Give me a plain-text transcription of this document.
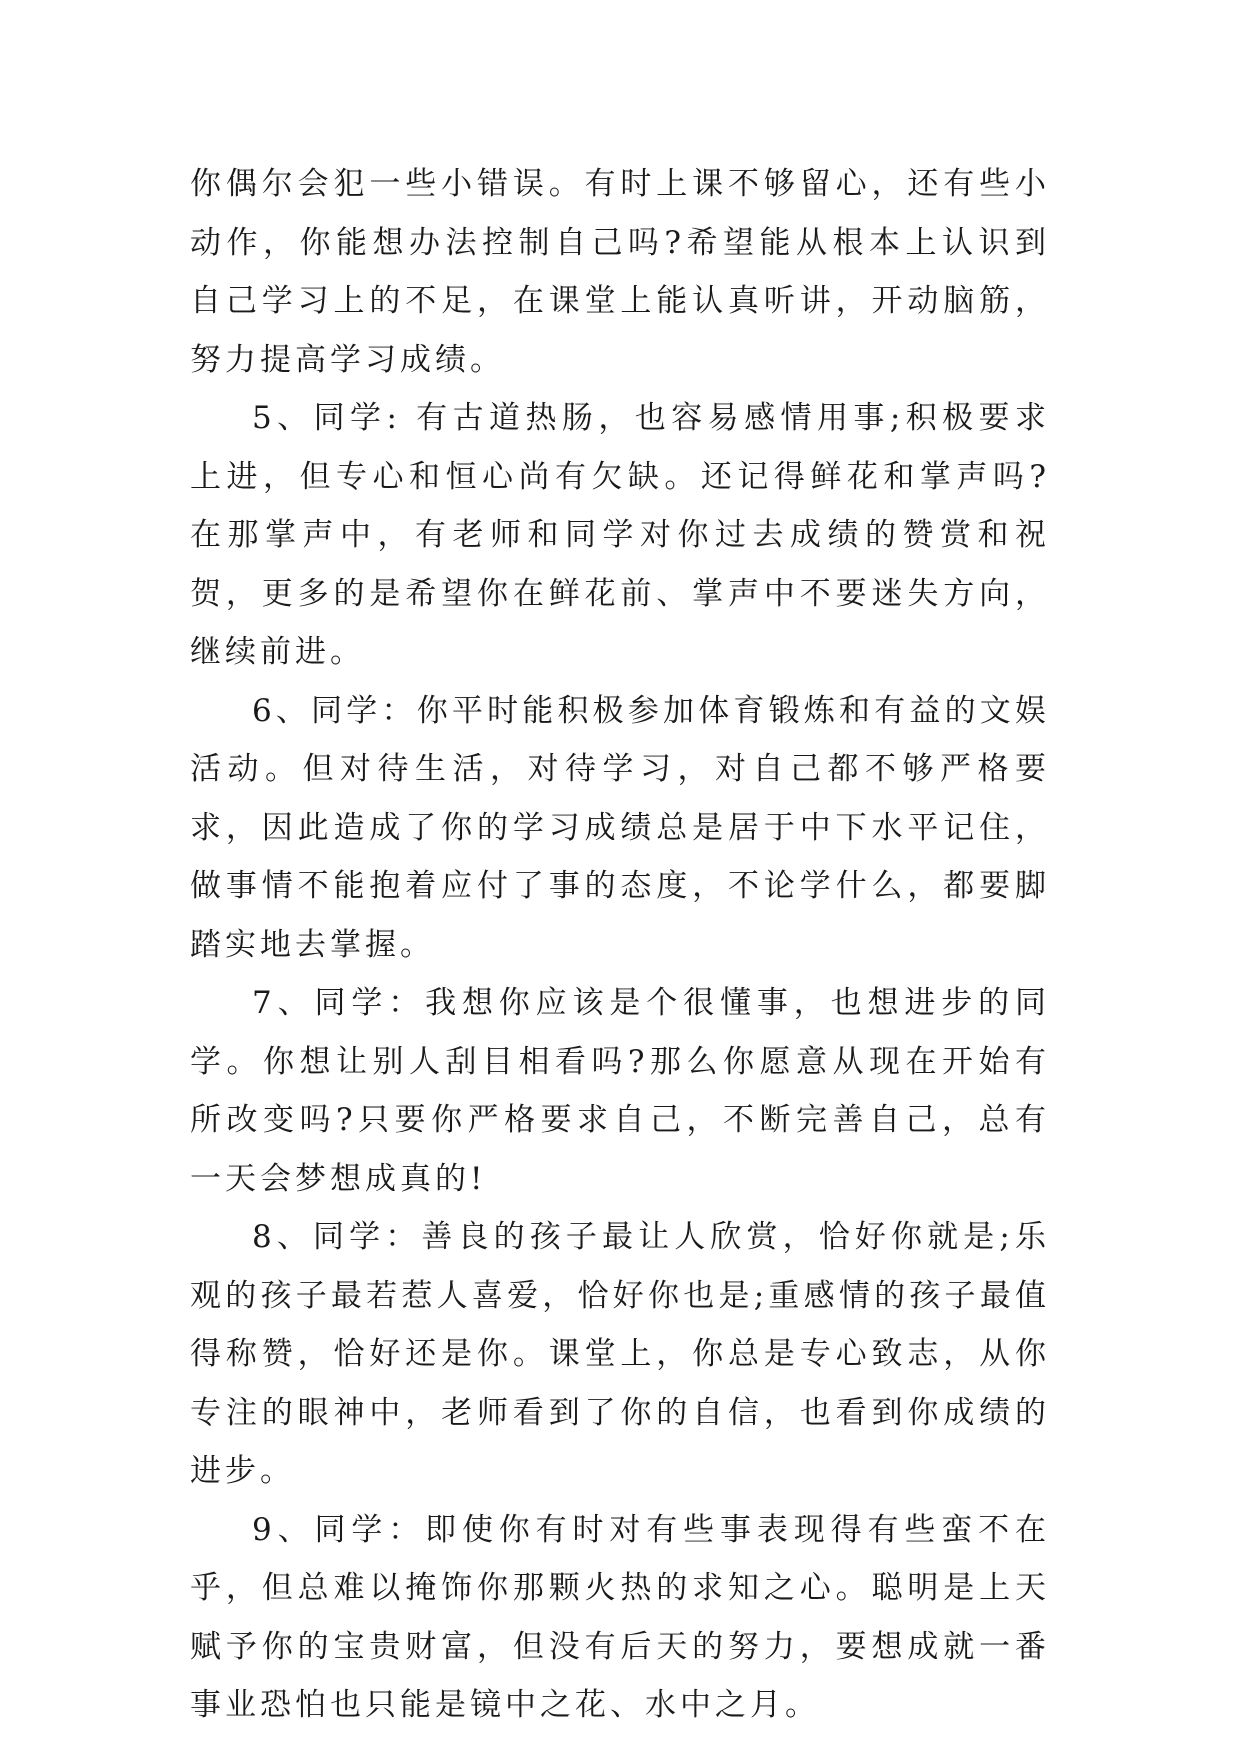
你偶尔会犯一些小错误。有时上课不够留心，还有些小动作，你能想办法控制自己吗?希望能从根本上认识到自己学习上的不足，在课堂上能认真听讲，开动脑筋，努力提高学习成绩。

5、同学: 有古道热肠，也容易感情用事;积极要求上进，但专心和恒心尚有欠缺。还记得鲜花和掌声吗?在那掌声中，有老师和同学对你过去成绩的赞赏和祝贺，更多的是希望你在鲜花前、掌声中不要迷失方向，继续前进。

6、同学：你平时能积极参加体育锻炼和有益的文娱活动。但对待生活，对待学习，对自己都不够严格要求，因此造成了你的学习成绩总是居于中下水平记住，做事情不能抱着应付了事的态度，不论学什么，都要脚踏实地去掌握。

7、同学：我想你应该是个很懂事，也想进步的同学。你想让别人刮目相看吗?那么你愿意从现在开始有所改变吗?只要你严格要求自己，不断完善自己，总有一天会梦想成真的!

8、同学：善良的孩子最让人欣赏，恰好你就是;乐观的孩子最若惹人喜爱，恰好你也是;重感情的孩子最值得称赞，恰好还是你。课堂上，你总是专心致志，从你专注的眼神中，老师看到了你的自信，也看到你成绩的进步。

9、同学：即使你有时对有些事表现得有些蛮不在乎，但总难以掩饰你那颗火热的求知之心。聪明是上天赋予你的宝贵财富，但没有后天的努力，要想成就一番事业恐怕也只能是镜中之花、水中之月。
